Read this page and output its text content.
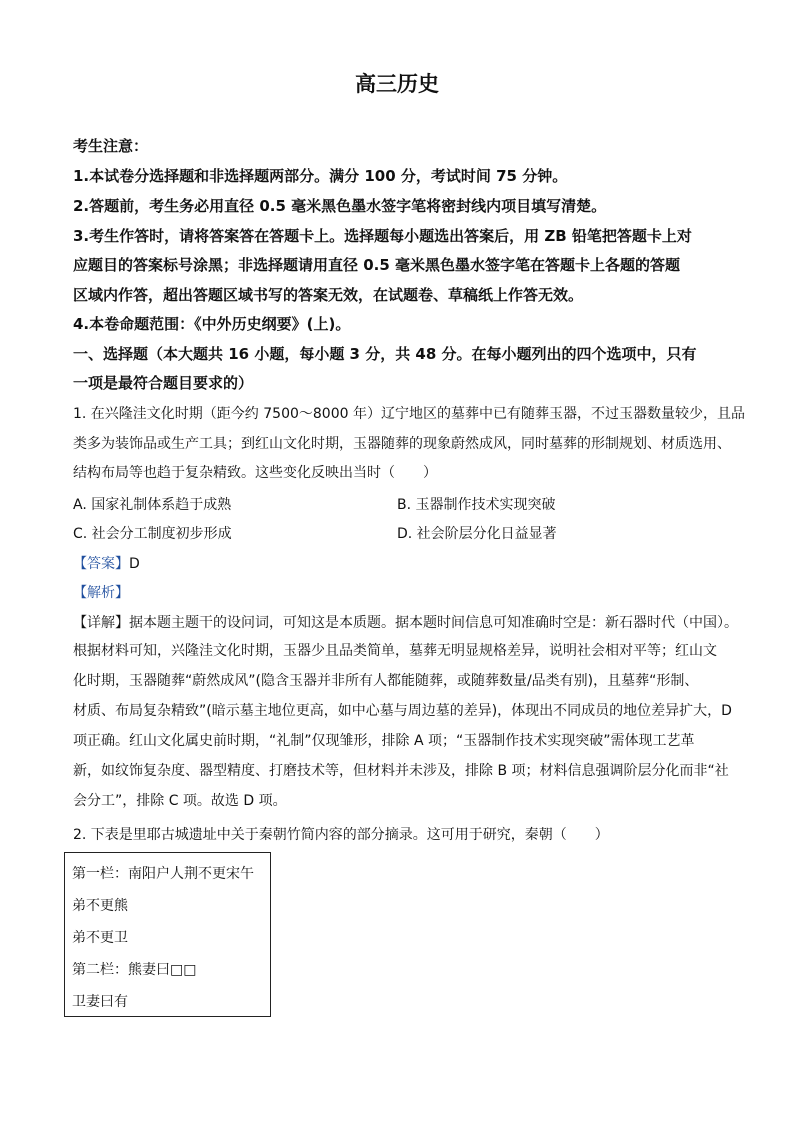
高三历史
考生注意：
1.本试卷分选择题和非选择题两部分。满分 100 分，考试时间 75 分钟。
2.答题前，考生务必用直径 0.5 毫米黑色墨水签字笔将密封线内项目填写清楚。
3.考生作答时，请将答案答在答题卡上。选择题每小题选出答案后，用 ZB 铅笔把答题卡上对
应题目的答案标号涂黑；非选择题请用直径 0.5 毫米黑色墨水签字笔在答题卡上各题的答题
区域内作答，超出答题区域书写的答案无效，在试题卷、草稿纸上作答无效。
4.本卷命题范围：《中外历史纲要》(上)。
一、选择题（本大题共 16 小题，每小题 3 分，共 48 分。在每小题列出的四个选项中，只有
一项是最符合题目要求的）
1. 在兴隆洼文化时期（距今约 7500～8000 年）辽宁地区的墓葬中已有随葬玉器，不过玉器数量较少，且品
类多为装饰品或生产工具；到红山文化时期，玉器随葬的现象蔚然成风，同时墓葬的形制规划、材质选用、
结构布局等也趋于复杂精致。这些变化反映出当时（　　）
A. 国家礼制体系趋于成熟	B. 玉器制作技术实现突破
C. 社会分工制度初步形成	D. 社会阶层分化日益显著
【答案】D
【解析】
【详解】据本题主题干的设问词，可知这是本质题。据本题时间信息可知准确时空是：新石器时代（中国）。
根据材料可知，兴隆洼文化时期，玉器少且品类简单，墓葬无明显规格差异，说明社会相对平等；红山文
化时期，玉器随葬“蔚然成风”(隐含玉器并非所有人都能随葬，或随葬数量/品类有别)，且墓葬“形制、
材质、布局复杂精致”(暗示墓主地位更高，如中心墓与周边墓的差异)，体现出不同成员的地位差异扩大，D
项正确。红山文化属史前时期，“礼制”仅现雏形，排除 A 项；“玉器制作技术实现突破”需体现工艺革
新，如纹饰复杂度、器型精度、打磨技术等，但材料并未涉及，排除 B 项；材料信息强调阶层分化而非“社
会分工”，排除 C 项。故选 D 项。
2. 下表是里耶古城遗址中关于秦朝竹简内容的部分摘录。这可用于研究，秦朝（　　）
第一栏：南阳户人荆不更宋午
弟不更熊
弟不更卫
第二栏：熊妻曰□□
卫妻曰有
